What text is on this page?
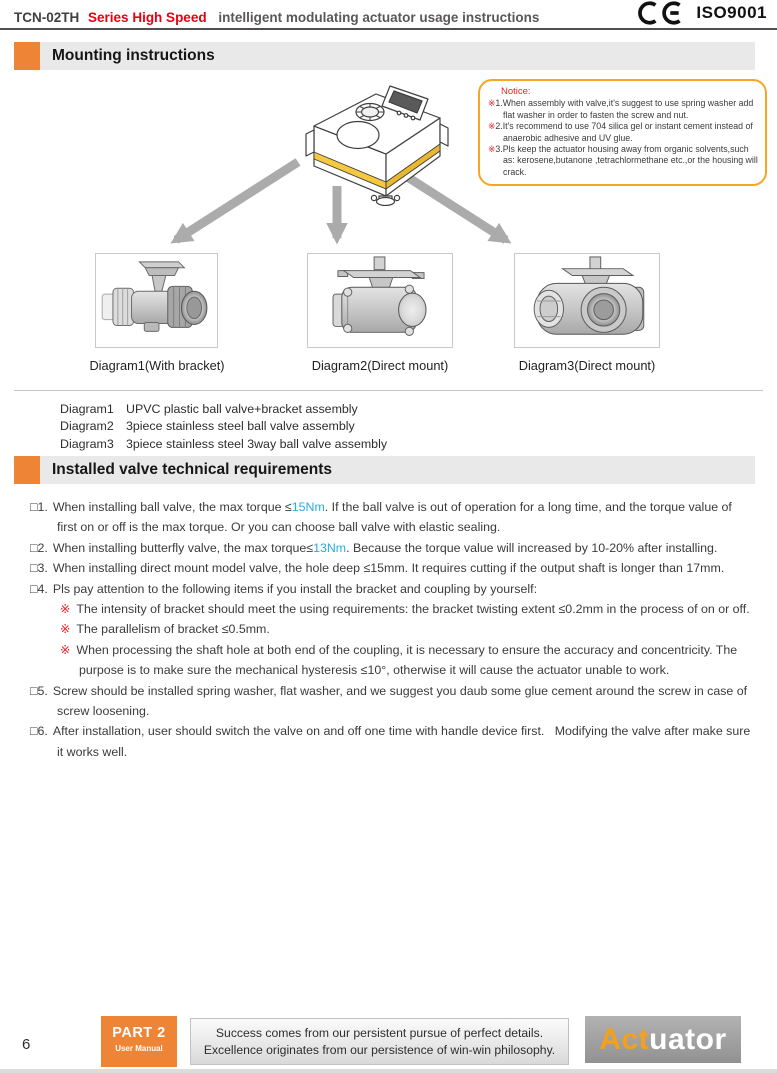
TCN-02TH Series High Speed intelligent modulating actuator usage instructions	ISO9001
Mounting instructions
Notice:
※1.When assembly with valve,it's suggest to use spring washer add flat washer in order to fasten the screw and nut.
※2.It's recommend to use 704 silica gel or instant cement instead of anaerobic adhesive and UV glue.
※3.Pls keep the actuator housing away from organic solvents,such as: kerosene,butanone ,tetrachlormethane etc.,or the housing will crack.
Diagram1(With bracket)	Diagram2(Direct mount)	Diagram3(Direct mount)
Diagram1 UPVC plastic ball valve+bracket assembly
Diagram2 3piece stainless steel ball valve assembly
Diagram3 3piece stainless steel 3way ball valve assembly
Installed valve technical requirements
□1. When installing ball valve, the max torque ≤15Nm. If the ball valve is out of operation for a long time, and the torque value of first on or off is the max torque. Or you can choose ball valve with elastic sealing.
□2. When installing butterfly valve, the max torque≤13Nm. Because the torque value will increased by 10-20% after installing.
□3. When installing direct mount model valve, the hole deep ≤15mm. It requires cutting if the output shaft is longer than 17mm.
□4. Pls pay attention to the following items if you install the bracket and coupling by yourself:
※ The intensity of bracket should meet the using requirements: the bracket twisting extent ≤0.2mm in the process of on or off.
※ The parallelism of bracket ≤0.5mm.
※ When processing the shaft hole at both end of the coupling, it is necessary to ensure the accuracy and concentricity. The purpose is to make sure the mechanical hysteresis ≤10°, otherwise it will cause the actuator unable to work.
□5. Screw should be installed spring washer, flat washer, and we suggest you daub some glue cement around the screw in case of screw loosening.
□6. After installation, user should switch the valve on and off one time with handle device first.   Modifying the valve after make sure it works well.
6
PART 2
User Manual
Success comes from our persistent pursue of perfect details.
Excellence originates from our persistence of win-win philosophy. Act uator
